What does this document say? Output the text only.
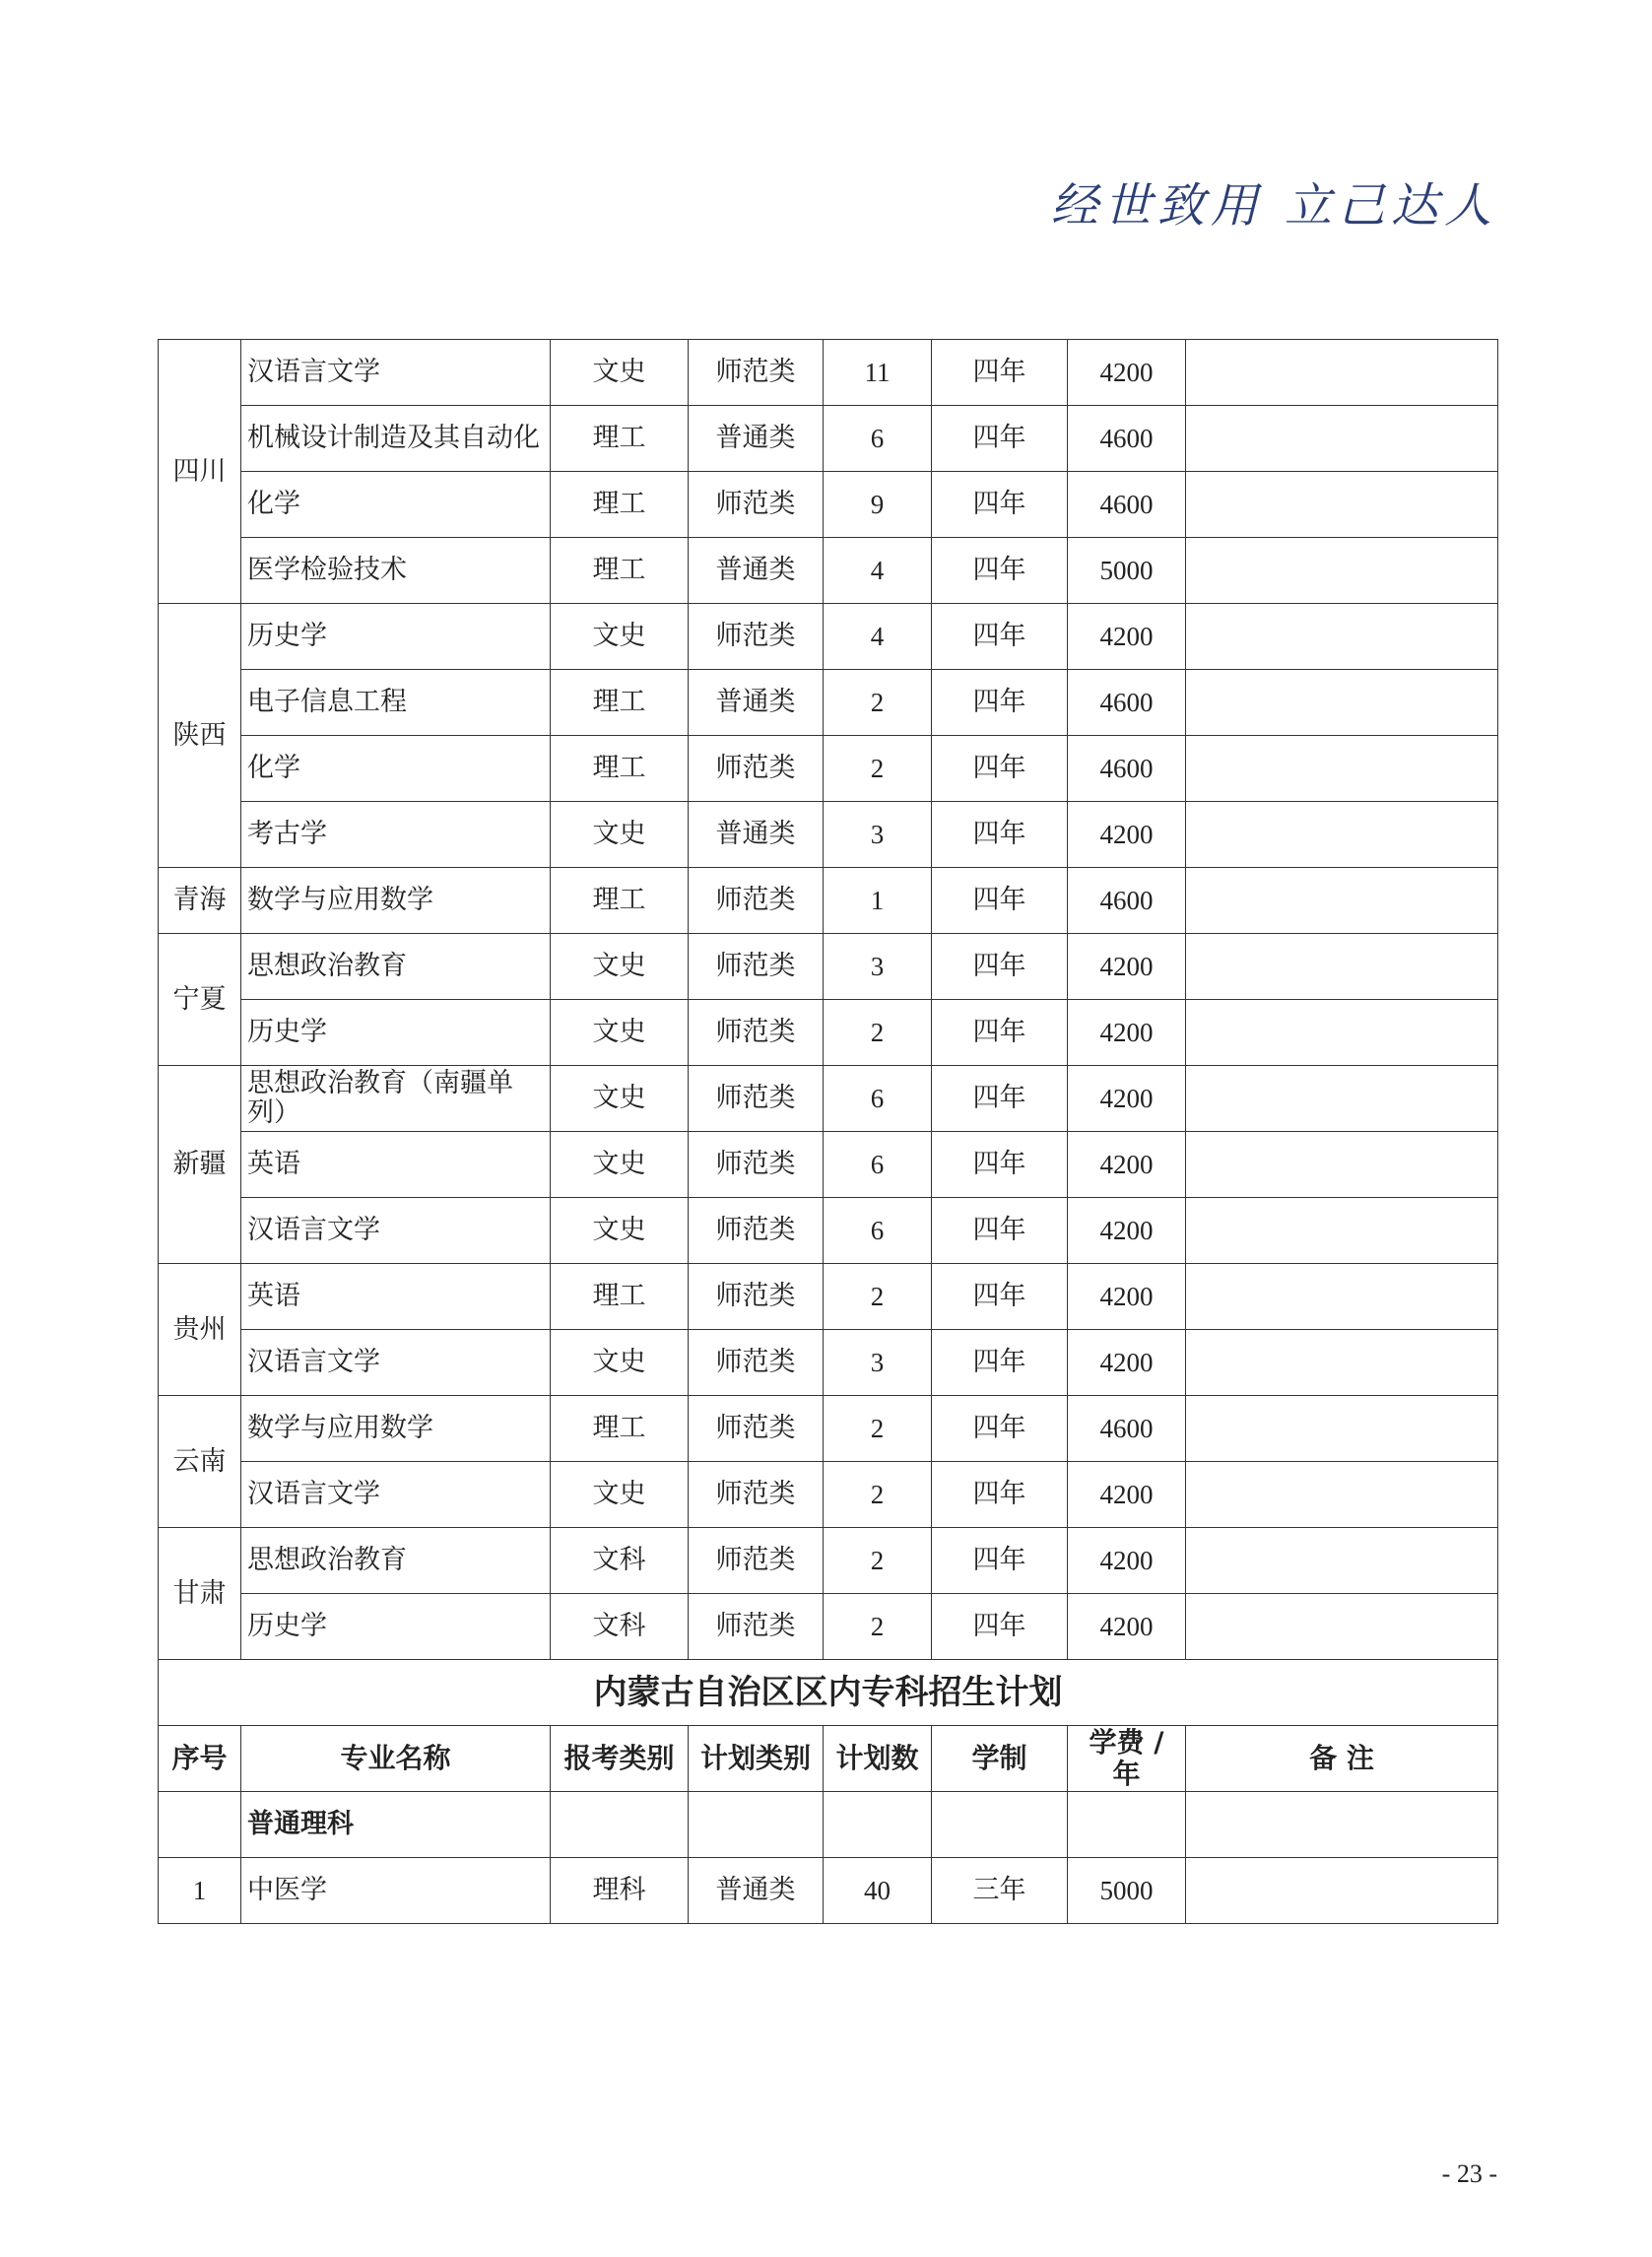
经世致用 立己达人
四川	汉语言文学	文史	师范类	11	四年	4200	
	机械设计制造及其自动化	理工	普通类	6	四年	4600	
	化学	理工	师范类	9	四年	4600	
	医学检验技术	理工	普通类	4	四年	5000	
陕西	历史学	文史	师范类	4	四年	4200	
	电子信息工程	理工	普通类	2	四年	4600	
	化学	理工	师范类	2	四年	4600	
	考古学	文史	普通类	3	四年	4200	
青海	数学与应用数学	理工	师范类	1	四年	4600	
宁夏	思想政治教育	文史	师范类	3	四年	4200	
	历史学	文史	师范类	2	四年	4200	
新疆	思想政治教育（南疆单列）	文史	师范类	6	四年	4200	
	英语	文史	师范类	6	四年	4200	
	汉语言文学	文史	师范类	6	四年	4200	
贵州	英语	理工	师范类	2	四年	4200	
	汉语言文学	文史	师范类	3	四年	4200	
云南	数学与应用数学	理工	师范类	2	四年	4600	
	汉语言文学	文史	师范类	2	四年	4200	
甘肃	思想政治教育	文科	师范类	2	四年	4200	
	历史学	文科	师范类	2	四年	4200	
内蒙古自治区区内专科招生计划							
序号	专业名称	报考类别	计划类别	计划数	学制	学费 / 年	备 注
	普通理科						
1	中医学	理科	普通类	40	三年	5000	
- 23 -
